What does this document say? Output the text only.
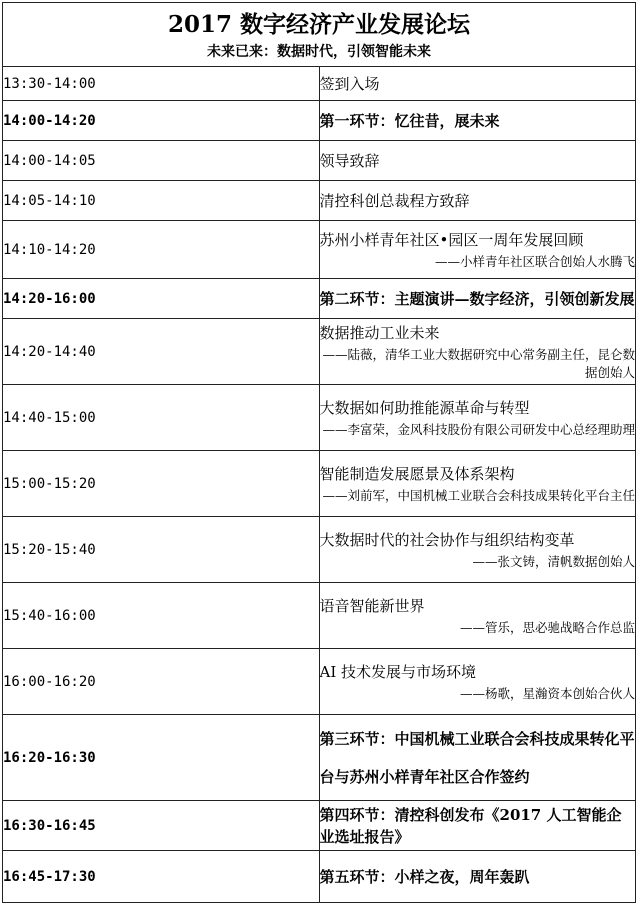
2017 数字经济产业发展论坛
未来已来：数据时代，引领智能未来	

13:30-14:00	签到入场

14:00-14:20	第一环节：忆往昔，展未来

14:00-14:05	领导致辞

14:05-14:10	清控科创总裁程方致辞

14:10-14:20	苏州小样青年社区•园区一周年发展回顾
——小样青年社区联合创始人水腾飞

14:20-16:00	第二环节：主题演讲—数字经济，引领创新发展

14:20-14:40	数据推动工业未来
——陆薇，清华工业大数据研究中心常务副主任，昆仑数据创始人

14:40-15:00	大数据如何助推能源革命与转型
——李富荣，金风科技股份有限公司研发中心总经理助理

15:00-15:20	智能制造发展愿景及体系架构
——刘前军，中国机械工业联合会科技成果转化平台主任

15:20-15:40	大数据时代的社会协作与组织结构变革
——张文铸，清帆数据创始人

15:40-16:00	语音智能新世界
——管乐，思必驰战略合作总监

16:00-16:20	AI 技术发展与市场环境
——杨歌，星瀚资本创始合伙人

16:20-16:30	第三环节：中国机械工业联合会科技成果转化平台与苏州小样青年社区合作签约

16:30-16:45	第四环节：清控科创发布《2017 人工智能企业选址报告》

16:45-17:30	第五环节：小样之夜，周年轰趴
